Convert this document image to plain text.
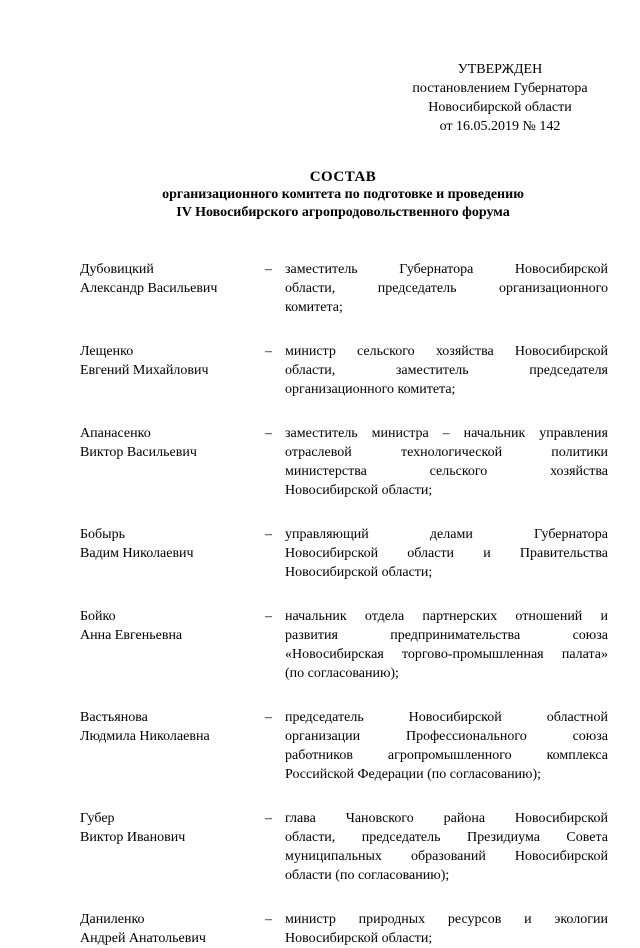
УТВЕРЖДЕН
постановлением Губернатора
Новосибирской области
от 16.05.2019 № 142
СОСТАВ
организационного комитета по подготовке и проведению
IV Новосибирского агропродовольственного форума
Дубовицкий
Александр Васильевич
– заместитель	Губернатора	Новосибирской
области,	председатель	организационного
комитета;
Лещенко
Евгений Михайлович
– министр сельского хозяйства Новосибирской
области,	заместитель	председателя
организационного комитета;
Апанасенко
Виктор Васильевич
– заместитель министра – начальник управления
отраслевой	технологической	политики
министерства	сельского	хозяйства
Новосибирской области;
Бобырь
Вадим Николаевич
– управляющий	делами	Губернатора
Новосибирской области и Правительства
Новосибирской области;
Бойко
Анна Евгеньевна
– начальник отдела партнерских отношений и
развития	предпринимательства	союза
«Новосибирская торгово-промышленная палата»
(по согласованию);
Вастьянова
Людмила Николаевна
– председатель	Новосибирской	областной
организации	Профессионального	союза
работников агропромышленного комплекса
Российской Федерации (по согласованию);
Губер
Виктор Иванович
– глава Чановского района Новосибирской
области, председатель Президиума Совета
муниципальных образований Новосибирской
области (по согласованию);
Даниленко
Андрей Анатольевич
– министр природных ресурсов и экологии
Новосибирской области;
